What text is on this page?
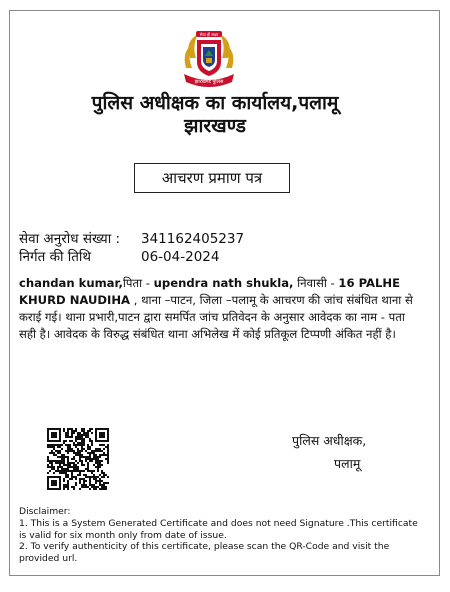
सेवा ही लक्ष्य
झारखण्ड पुलिस
पुलिस अधीक्षक का कार्यालय,पलामू
झारखण्ड
आचरण प्रमाण पत्र
सेवा अनुरोध संख्या : 341162405237
निर्गत की तिथि	06-04-2024
chandan kumar,पिता - upendra nath shukla, निवासी - 16 PALHE KHURD NAUDIHA , थाना –पाटन, जिला –पलामू के आचरण की जांच संबंधित थाना से कराई गई। थाना प्रभारी,पाटन द्वारा समर्पित जांच प्रतिवेदन के अनुसार आवेदक का नाम - पता सही है। आवेदक के विरुद्ध संबंधित थाना अभिलेख में कोई प्रतिकूल टिप्पणी अंकित नहीं है।
पुलिस अधीक्षक,
पलामू
Disclaimer:
1. This is a System Generated Certificate and does not need Signature .This certificate is valid for six month only from date of issue.
2. To verify authenticity of this certificate, please scan the QR-Code and visit the provided url.
